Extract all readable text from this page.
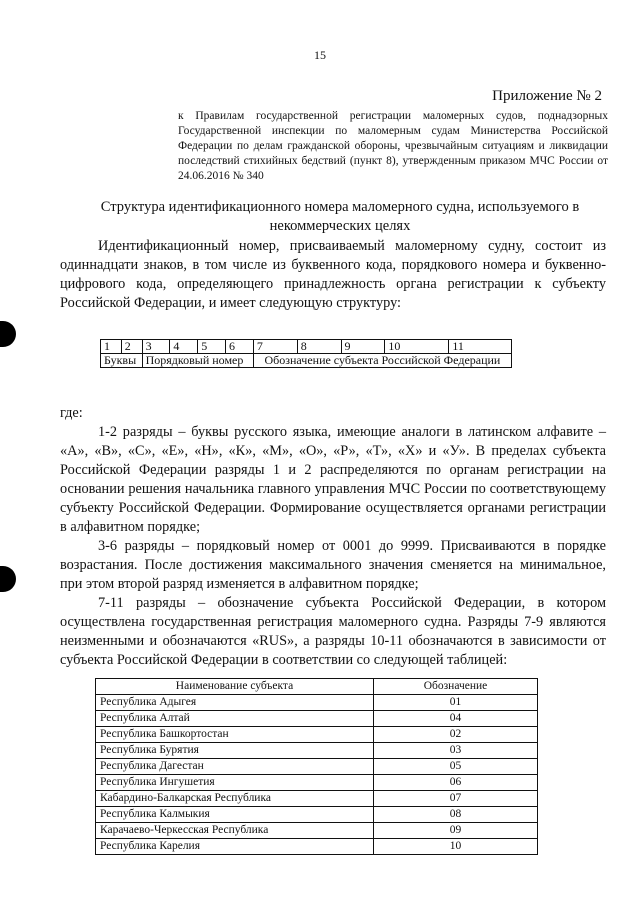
15
Приложение № 2
к Правилам государственной регистрации маломерных судов, поднадзорных Государственной инспекции по маломерным судам Министерства Российской Федерации по делам гражданской обороны, чрезвычайным ситуациям и ликвидации последствий стихийных бедствий (пункт 8), утвержденным приказом МЧС России от 24.06.2016 № 340
Структура идентификационного номера маломерного судна, используемого в некоммерческих целях

Идентификационный номер, присваиваемый маломерному судну, состоит из одиннадцати знаков, в том числе из буквенного кода, порядкового номера и буквенно-цифрового кода, определяющего принадлежность органа регистрации к субъекту Российской Федерации, и имеет следующую структуру:

1	2	3	4	5	6	7	8	9	10	11
Буквы		Порядковый номер				Обозначение субъекта Российской Федерации				

где:

1-2 разряды – буквы русского языка, имеющие аналоги в латинском алфавите – «А», «В», «С», «Е», «Н», «К», «М», «О», «Р», «Т», «Х» и «У». В пределах субъекта Российской Федерации разряды 1 и 2 распределяются по органам регистрации на основании решения начальника главного управления МЧС России по соответствующему субъекту Российской Федерации. Формирование осуществляется органами регистрации в алфавитном порядке;

3-6 разряды – порядковый номер от 0001 до 9999. Присваиваются в порядке возрастания. После достижения максимального значения сменяется на минимальное, при этом второй разряд изменяется в алфавитном порядке;

7-11 разряды – обозначение субъекта Российской Федерации, в котором осуществлена государственная регистрация маломерного судна. Разряды 7-9 являются неизменными и обозначаются «RUS», а разряды 10-11 обозначаются в зависимости от субъекта Российской Федерации в соответствии со следующей таблицей:

Наименование субъекта	Обозначение
Республика Адыгея	01
Республика Алтай	04
Республика Башкортостан	02
Республика Бурятия	03
Республика Дагестан	05
Республика Ингушетия	06
Кабардино-Балкарская Республика	07
Республика Калмыкия	08
Карачаево-Черкесская Республика	09
Республика Карелия	10
